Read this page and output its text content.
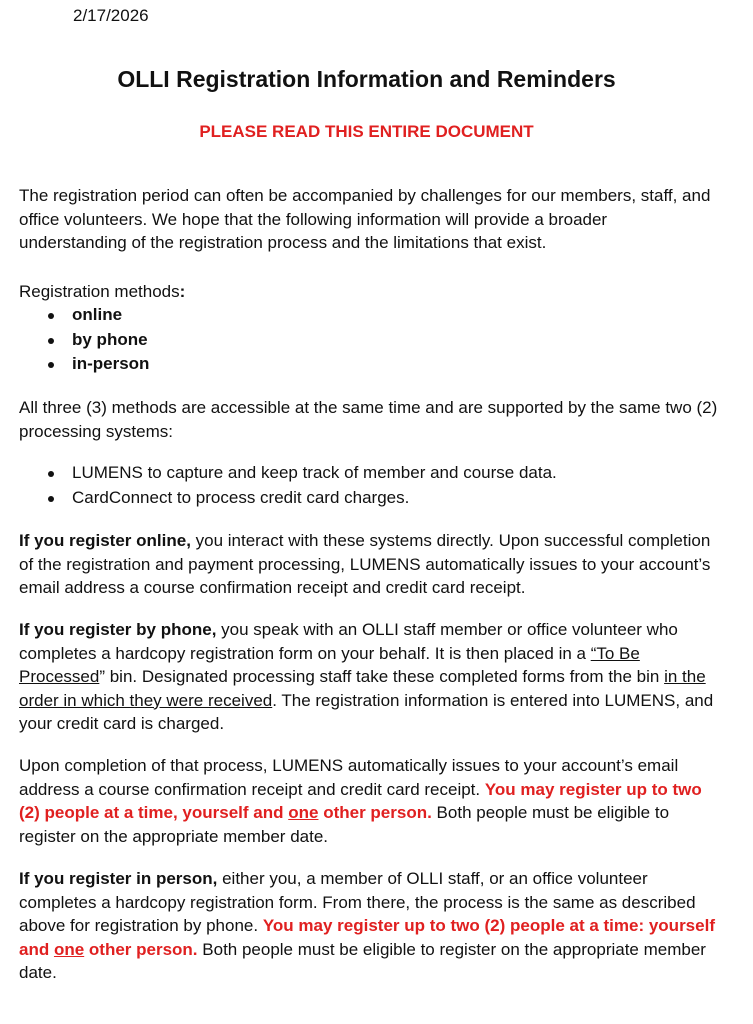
2/17/2026
OLLI Registration Information and Reminders
PLEASE READ THIS ENTIRE DOCUMENT
The registration period can often be accompanied by challenges for our members, staff, and office volunteers. We hope that the following information will provide a broader understanding of the registration process and the limitations that exist.
Registration methods:
online
by phone
in-person
All three (3) methods are accessible at the same time and are supported by the same two (2) processing systems:
LUMENS to capture and keep track of member and course data.
CardConnect to process credit card charges.
If you register online, you interact with these systems directly. Upon successful completion of the registration and payment processing, LUMENS automatically issues to your account’s email address a course confirmation receipt and credit card receipt.
If you register by phone, you speak with an OLLI staff member or office volunteer who completes a hardcopy registration form on your behalf. It is then placed in a “To Be Processed” bin. Designated processing staff take these completed forms from the bin in the order in which they were received. The registration information is entered into LUMENS, and your credit card is charged.
Upon completion of that process, LUMENS automatically issues to your account’s email address a course confirmation receipt and credit card receipt. You may register up to two (2) people at a time, yourself and one other person. Both people must be eligible to register on the appropriate member date.
If you register in person, either you, a member of OLLI staff, or an office volunteer completes a hardcopy registration form. From there, the process is the same as described above for registration by phone. You may register up to two (2) people at a time: yourself and one other person. Both people must be eligible to register on the appropriate member date.
